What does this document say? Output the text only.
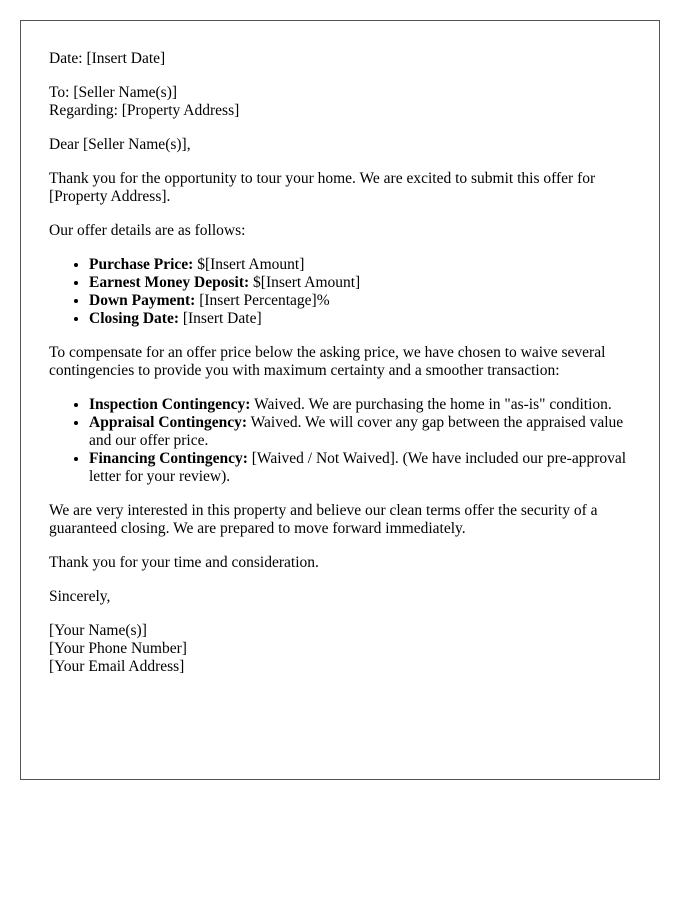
Date: [Insert Date]

To: [Seller Name(s)]
Regarding: [Property Address]

Dear [Seller Name(s)],

Thank you for the opportunity to tour your home. We are excited to submit this offer for [Property Address].

Our offer details are as follows:

• Purchase Price: $[Insert Amount]
• Earnest Money Deposit: $[Insert Amount]
• Down Payment: [Insert Percentage]%
• Closing Date: [Insert Date]

To compensate for an offer price below the asking price, we have chosen to waive several contingencies to provide you with maximum certainty and a smoother transaction:

• Inspection Contingency: Waived. We are purchasing the home in "as-is" condition.
• Appraisal Contingency: Waived. We will cover any gap between the appraised value and our offer price.
• Financing Contingency: [Waived / Not Waived]. (We have included our pre-approval letter for your review).

We are very interested in this property and believe our clean terms offer the security of a guaranteed closing. We are prepared to move forward immediately.

Thank you for your time and consideration.

Sincerely,

[Your Name(s)]
[Your Phone Number]
[Your Email Address]
